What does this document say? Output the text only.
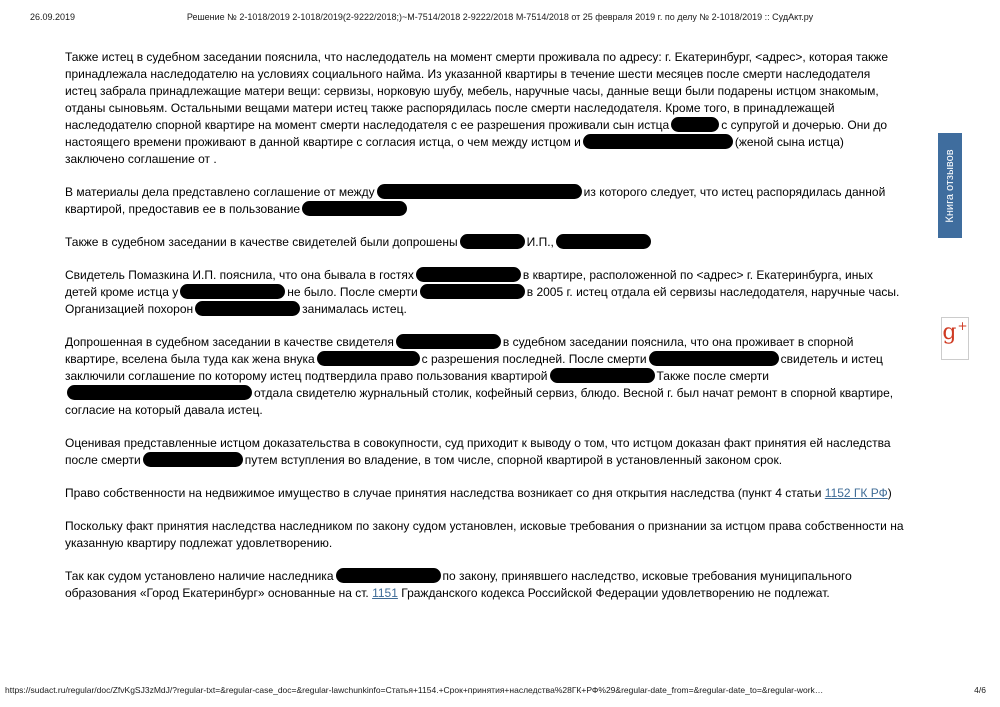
26.09.2019	Решение № 2-1018/2019 2-1018/2019(2-9222/2018;)~М-7514/2018 2-9222/2018 М-7514/2018 от 25 февраля 2019 г. по делу № 2-1018/2019 :: СудАкт.ру

Также истец в судебном заседании пояснила, что наследодатель на момент смерти проживала по адресу: г. Екатеринбург, <адрес>, которая также принадлежала наследодателю на условиях социального найма. Из указанной квартиры в течение шести месяцев после смерти наследодателя истец забрала принадлежащие матери вещи: сервизы, норковую шубу, мебель, наручные часы, данные вещи были подарены истцом знакомым, отданы сыновьям. Остальными вещами матери истец также распорядилась после смерти наследодателя. Кроме того, в принадлежащей наследодателю спорной квартире на момент смерти наследодателя с ее разрешения проживали сын истца	с супругой и дочерью. Они до настоящего времени проживают в данной квартире с согласия истца, о чем между истцом и	(женой сына истца) заключено соглашение от .

В материалы дела представлено соглашение от между	из которого следует, что истец распорядилась данной квартирой, предоставив ее в пользование

Также в судебном заседании в качестве свидетелей были допрошены	И.П.,

Свидетель Помазкина И.П. пояснила, что она бывала в гостях	в квартире, расположенной по <адрес> г. Екатеринбурга, иных детей кроме истца у	не было. После смерти	в 2005 г. истец отдала ей сервизы наследодателя, наручные часы. Организацией похорон	занималась истец.

Допрошенная в судебном заседании в качестве свидетеля	в судебном заседании пояснила, что она проживает в спорной квартире, вселена была туда как жена внука	с разрешения последней. После смерти	свидетель и истец заключили соглашение по которому истец подтвердила право пользования квартирой	Также после смертиотдала свидетелю журнальный столик, кофейный сервиз, блюдо. Весной г. был начат ремонт в спорной квартире, согласие на который давала истец.

Оценивая представленные истцом доказательства в совокупности, суд приходит к выводу о том, что истцом доказан факт принятия ей наследства после смерти	путем вступления во владение, в том числе, спорной квартирой в установленный законом срок.

Право собственности на недвижимое имущество в случае принятия наследства возникает со дня открытия наследства (пункт 4 статьи 1152 ГК РФ)

Поскольку факт принятия наследства наследником по закону судом установлен, исковые требования о признании за истцом права собственности на указанную квартиру подлежат удовлетворению.

Так как судом установлено наличие наследника	по закону, принявшего наследство, исковые требования муниципального образования «Город Екатеринбург» основанные на ст. 1151 Гражданского кодекса Российской Федерации удовлетворению не подлежат.

Книга отзывов
g+
https://sudact.ru/regular/doc/ZfvKgSJ3zMdJ/?regular-txt=&regular-case_doc=&regular-lawchunkinfo=Статья+1154.+Срок+принятия+наследства%28ГК+РФ%29&regular-date_from=&regular-date_to=&regular-work…	4/6
